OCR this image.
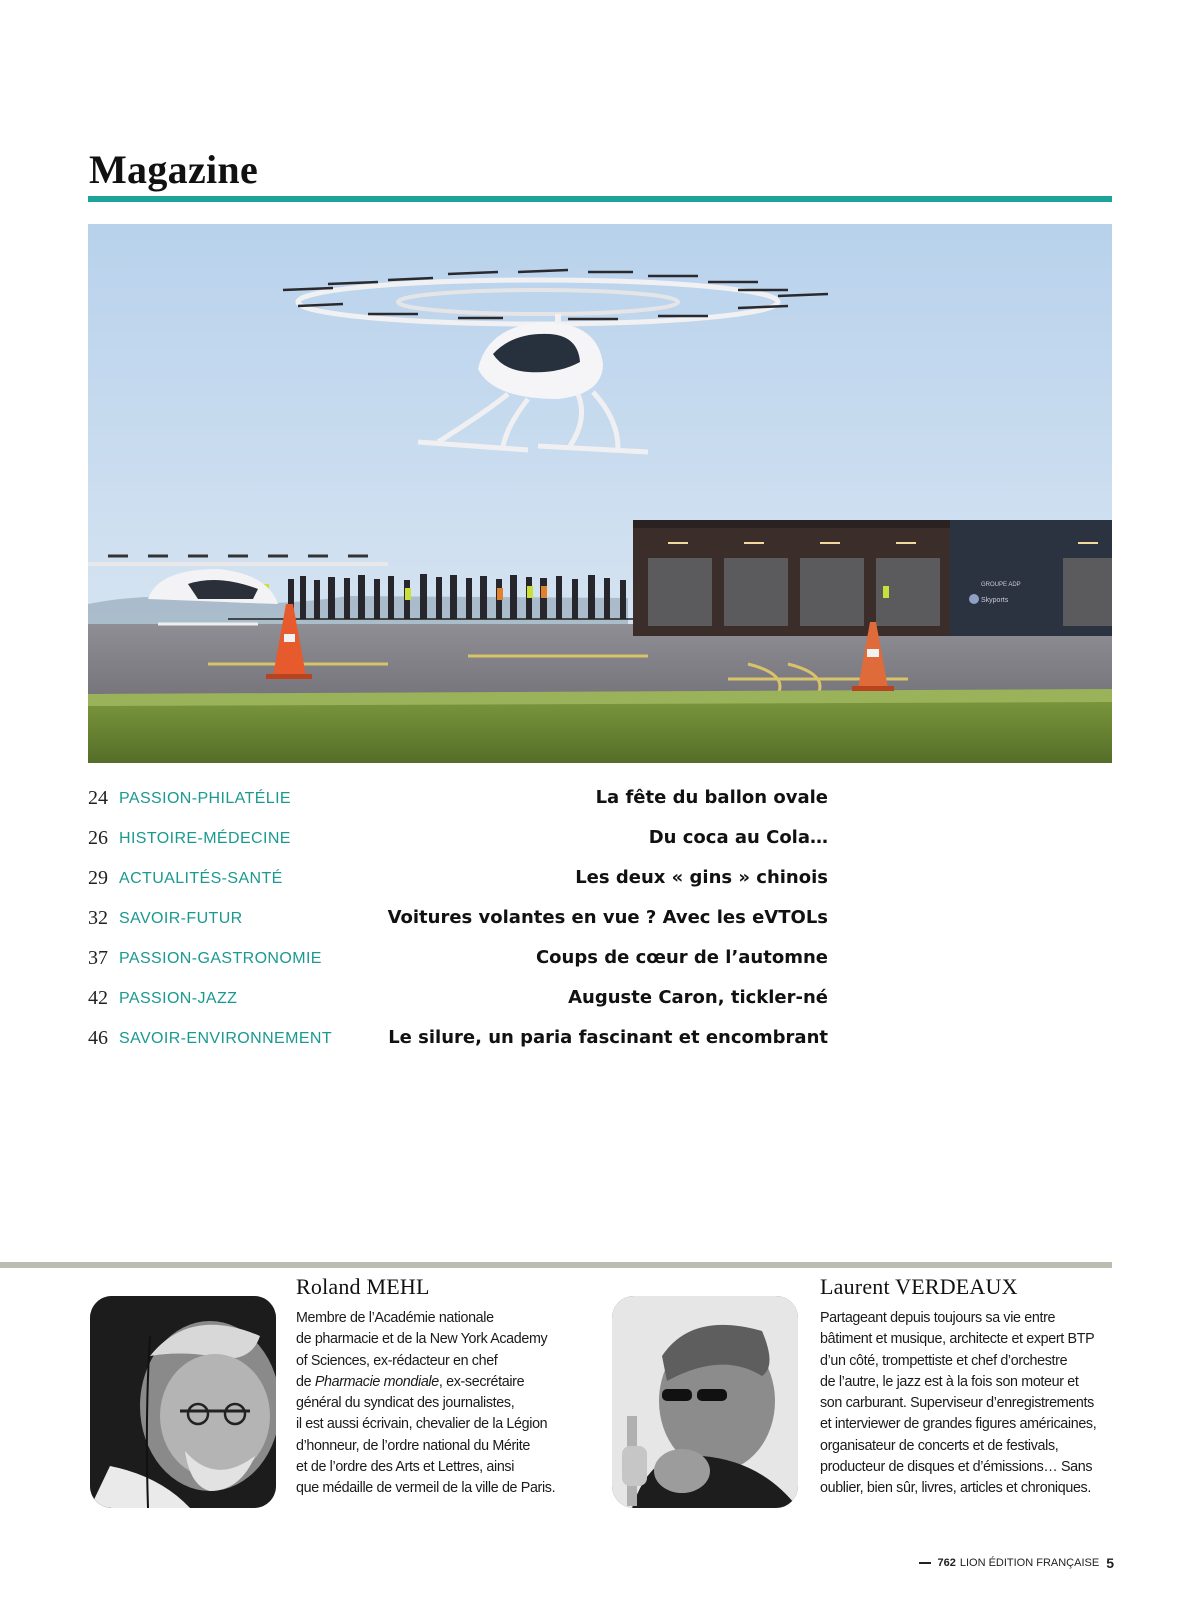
Magazine
GROUPE ADP
Skyports
24 PASSION-PHILATÉLIE	La fête du ballon ovale
26 HISTOIRE-MÉDECINE	Du coca au Cola…
29 ACTUALITÉS-SANTÉ	Les deux « gins » chinois
32 SAVOIR-FUTUR	Voitures volantes en vue ? Avec les eVTOLs
37 PASSION-GASTRONOMIE	Coups de cœur de l’automne
42 PASSION-JAZZ	Auguste Caron, tickler-né
46 SAVOIR-ENVIRONNEMENT	Le silure, un paria fascinant et encombrant
Roland MEHL
Membre de l’Académie nationale
de pharmacie et de la New York Academy
of Sciences, ex-rédacteur en chef
de Pharmacie mondiale, ex-secrétaire
général du syndicat des journalistes,
il est aussi écrivain, chevalier de la Légion
d’honneur, de l’ordre national du Mérite
et de l’ordre des Arts et Lettres, ainsi
que médaille de vermeil de la ville de Paris.
Laurent VERDEAUX
Partageant depuis toujours sa vie entre
bâtiment et musique, architecte et expert BTP
d’un côté, trompettiste et chef d’orchestre
de l’autre, le jazz est à la fois son moteur et
son carburant. Superviseur d’enregistrements
et interviewer de grandes figures américaines,
organisateur de concerts et de festivals,
producteur de disques et d’émissions… Sans
oublier, bien sûr, livres, articles et chroniques.
762 LION ÉDITION FRANÇAISE 5
